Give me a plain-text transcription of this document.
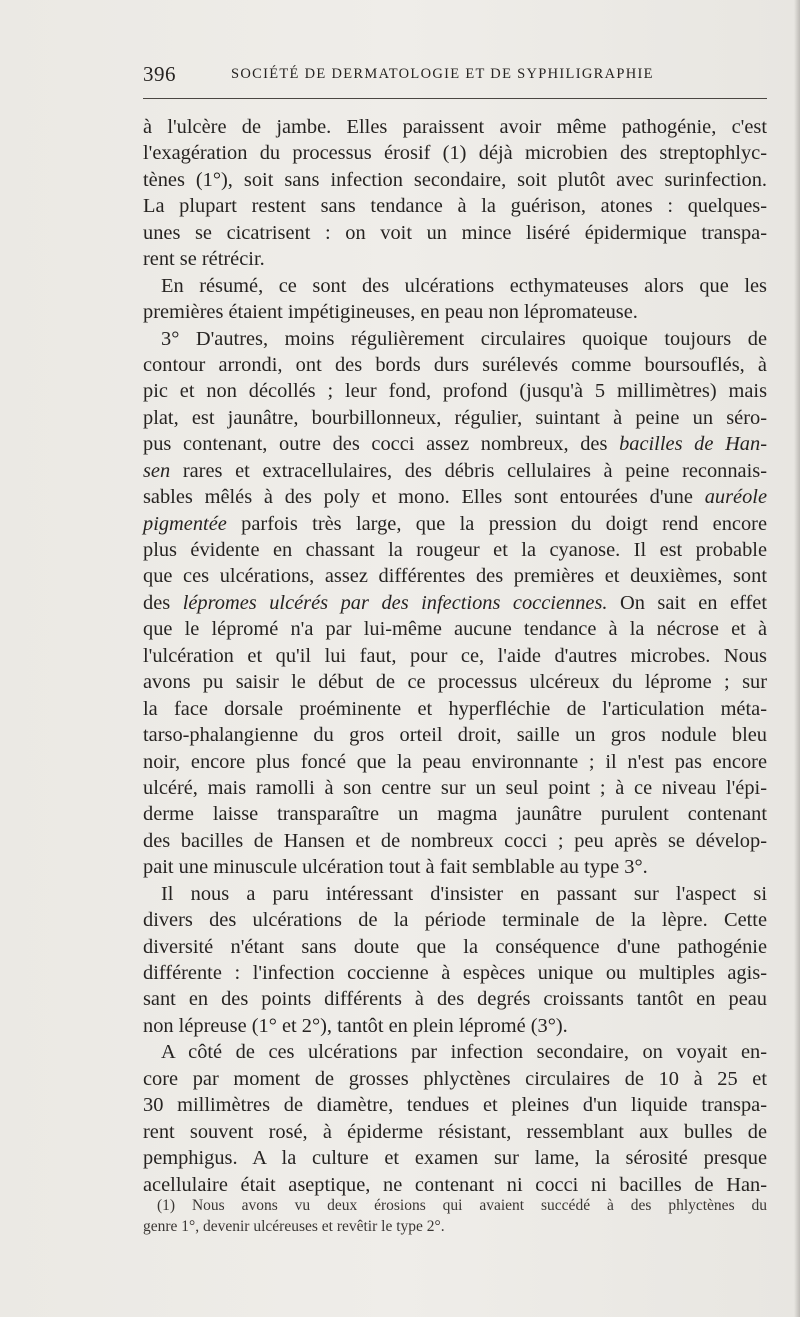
396	SOCIÉTÉ DE DERMATOLOGIE ET DE SYPHILIGRAPHIE
à l'ulcère de jambe. Elles paraissent avoir même pathogénie, c'est
l'exagération du processus érosif (1) déjà microbien des streptophlyc-
tènes (1°), soit sans infection secondaire, soit plutôt avec surinfection.
La plupart restent sans tendance à la guérison, atones : quelques-
unes se cicatrisent : on voit un mince liséré épidermique transpa-
rent se rétrécir.
En résumé, ce sont des ulcérations ecthymateuses alors que les
premières étaient impétigineuses, en peau non lépromateuse.
3° D'autres, moins régulièrement circulaires quoique toujours de
contour arrondi, ont des bords durs surélevés comme boursouflés, à
pic et non décollés ; leur fond, profond (jusqu'à 5 millimètres) mais
plat, est jaunâtre, bourbillonneux, régulier, suintant à peine un séro-
pus contenant, outre des cocci assez nombreux, des bacilles de Han-
sen rares et extracellulaires, des débris cellulaires à peine reconnais-
sables mêlés à des poly et mono. Elles sont entourées d'une auréole
pigmentée parfois très large, que la pression du doigt rend encore
plus évidente en chassant la rougeur et la cyanose. Il est probable
que ces ulcérations, assez différentes des premières et deuxièmes, sont
des lépromes ulcérés par des infections cocciennes. On sait en effet
que le lépromé n'a par lui-même aucune tendance à la nécrose et à
l'ulcération et qu'il lui faut, pour ce, l'aide d'autres microbes. Nous
avons pu saisir le début de ce processus ulcéreux du léprome ; sur
la face dorsale proéminente et hyperfléchie de l'articulation méta-
tarso-phalangienne du gros orteil droit, saille un gros nodule bleu
noir, encore plus foncé que la peau environnante ; il n'est pas encore
ulcéré, mais ramolli à son centre sur un seul point ; à ce niveau l'épi-
derme laisse transparaître un magma jaunâtre purulent contenant
des bacilles de Hansen et de nombreux cocci ; peu après se dévelop-
pait une minuscule ulcération tout à fait semblable au type 3°.
Il nous a paru intéressant d'insister en passant sur l'aspect si
divers des ulcérations de la période terminale de la lèpre. Cette
diversité n'étant sans doute que la conséquence d'une pathogénie
différente : l'infection coccienne à espèces unique ou multiples agis-
sant en des points différents à des degrés croissants tantôt en peau
non lépreuse (1° et 2°), tantôt en plein lépromé (3°).
A côté de ces ulcérations par infection secondaire, on voyait en-
core par moment de grosses phlyctènes circulaires de 10 à 25 et
30 millimètres de diamètre, tendues et pleines d'un liquide transpa-
rent souvent rosé, à épiderme résistant, ressemblant aux bulles de
pemphigus. A la culture et examen sur lame, la sérosité presque
acellulaire était aseptique, ne contenant ni cocci ni bacilles de Han-
(1) Nous avons vu deux érosions qui avaient succédé à des phlyctènes du
genre 1°, devenir ulcéreuses et revêtir le type 2°.
